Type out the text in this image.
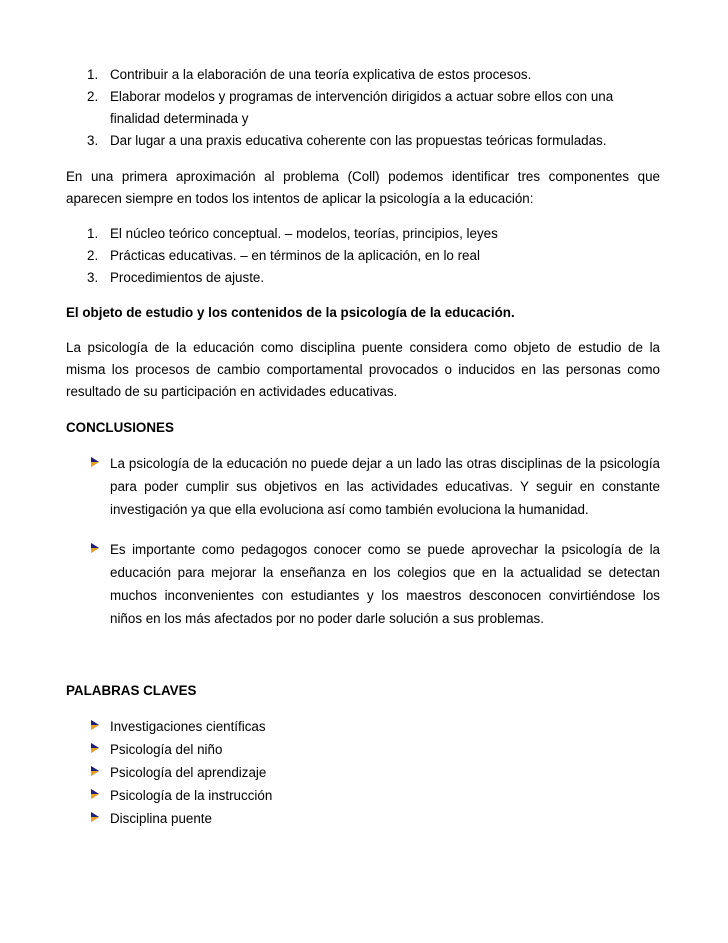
1. Contribuir a la elaboración de una teoría explicativa de estos procesos.
2. Elaborar modelos y programas de intervención dirigidos a actuar sobre ellos con una finalidad determinada y
3. Dar lugar a una praxis educativa coherente con las propuestas teóricas formuladas.

En una primera aproximación al problema (Coll) podemos identificar tres componentes que aparecen siempre en todos los intentos de aplicar la psicología a la educación:

1. El núcleo teórico conceptual. – modelos, teorías, principios, leyes
2. Prácticas educativas. – en términos de la aplicación, en lo real
3. Procedimientos de ajuste.

El objeto de estudio y los contenidos de la psicología de la educación.

La psicología de la educación como disciplina puente considera como objeto de estudio de la misma los procesos de cambio comportamental provocados o inducidos en las personas como resultado de su participación en actividades educativas.

CONCLUSIONES

La psicología de la educación no puede dejar a un lado las otras disciplinas de la psicología para poder cumplir sus objetivos en las actividades educativas. Y seguir en constante investigación ya que ella evoluciona así como también evoluciona la humanidad.
Es importante como pedagogos conocer como se puede aprovechar la psicología de la educación para mejorar la enseñanza en los colegios que en la actualidad se detectan muchos inconvenientes con estudiantes y los maestros desconocen convirtiéndose los niños en los más afectados por no poder darle solución a sus problemas.

PALABRAS CLAVES

Investigaciones científicas
Psicología del niño
Psicología del aprendizaje
Psicología de la instrucción
Disciplina puente
